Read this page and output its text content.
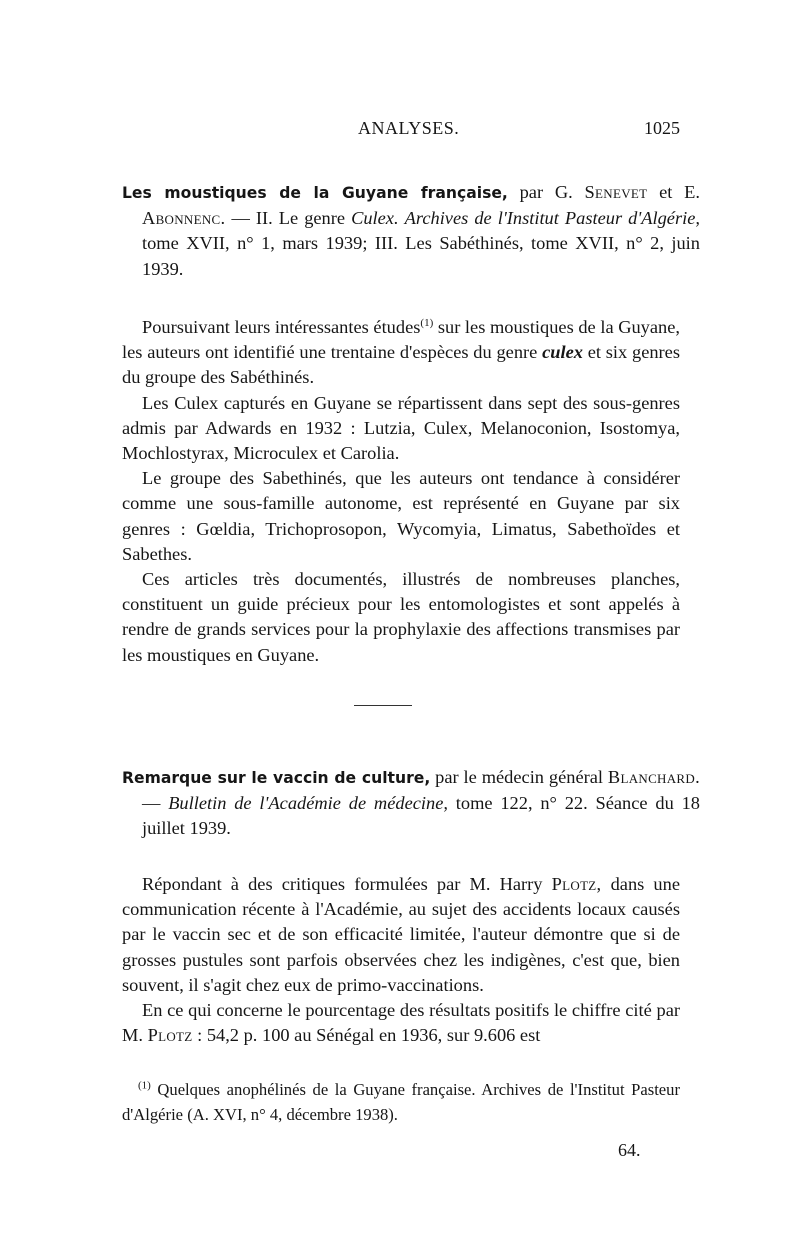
ANALYSES.	1025
Les moustiques de la Guyane française, par G. Senevet et E. Abonnenc. — II. Le genre Culex. Archives de l'Institut Pasteur d'Algérie, tome XVII, n° 1, mars 1939; III. Les Sabéthinés, tome XVII, n° 2, juin 1939.

Poursuivant leurs intéressantes études$^{(1)}$ sur les moustiques de la Guyane, les auteurs ont identifié une trentaine d'espèces du genre culex et six genres du groupe des Sabéthinés.

Les Culex capturés en Guyane se répartissent dans sept des sous-genres admis par Adwards en 1932 : Lutzia, Culex, Melanoconion, Isostomya, Mochlostyrax, Microculex et Carolia.

Le groupe des Sabethinés, que les auteurs ont tendance à considérer comme une sous-famille autonome, est représenté en Guyane par six genres : Gœldia, Trichoprosopon, Wycomyia, Limatus, Sabethoïdes et Sabethes.

Ces articles très documentés, illustrés de nombreuses planches, constituent un guide précieux pour les entomologistes et sont appelés à rendre de grands services pour la prophylaxie des affections transmises par les moustiques en Guyane.

Remarque sur le vaccin de culture, par le médecin général Blanchard. — Bulletin de l'Académie de médecine, tome 122, n° 22. Séance du 18 juillet 1939.

Répondant à des critiques formulées par M. Harry Plotz, dans une communication récente à l'Académie, au sujet des accidents locaux causés par le vaccin sec et de son efficacité limitée, l'auteur démontre que si de grosses pustules sont parfois observées chez les indigènes, c'est que, bien souvent, il s'agit chez eux de primo-vaccinations.

En ce qui concerne le pourcentage des résultats positifs le chiffre cité par M. Plotz : 54,2 p. 100 au Sénégal en 1936, sur 9.606 est

$^{(1)}$ Quelques anophélinés de la Guyane française. Archives de l'Institut Pasteur d'Algérie (A. XVI, n° 4, décembre 1938).

64.
